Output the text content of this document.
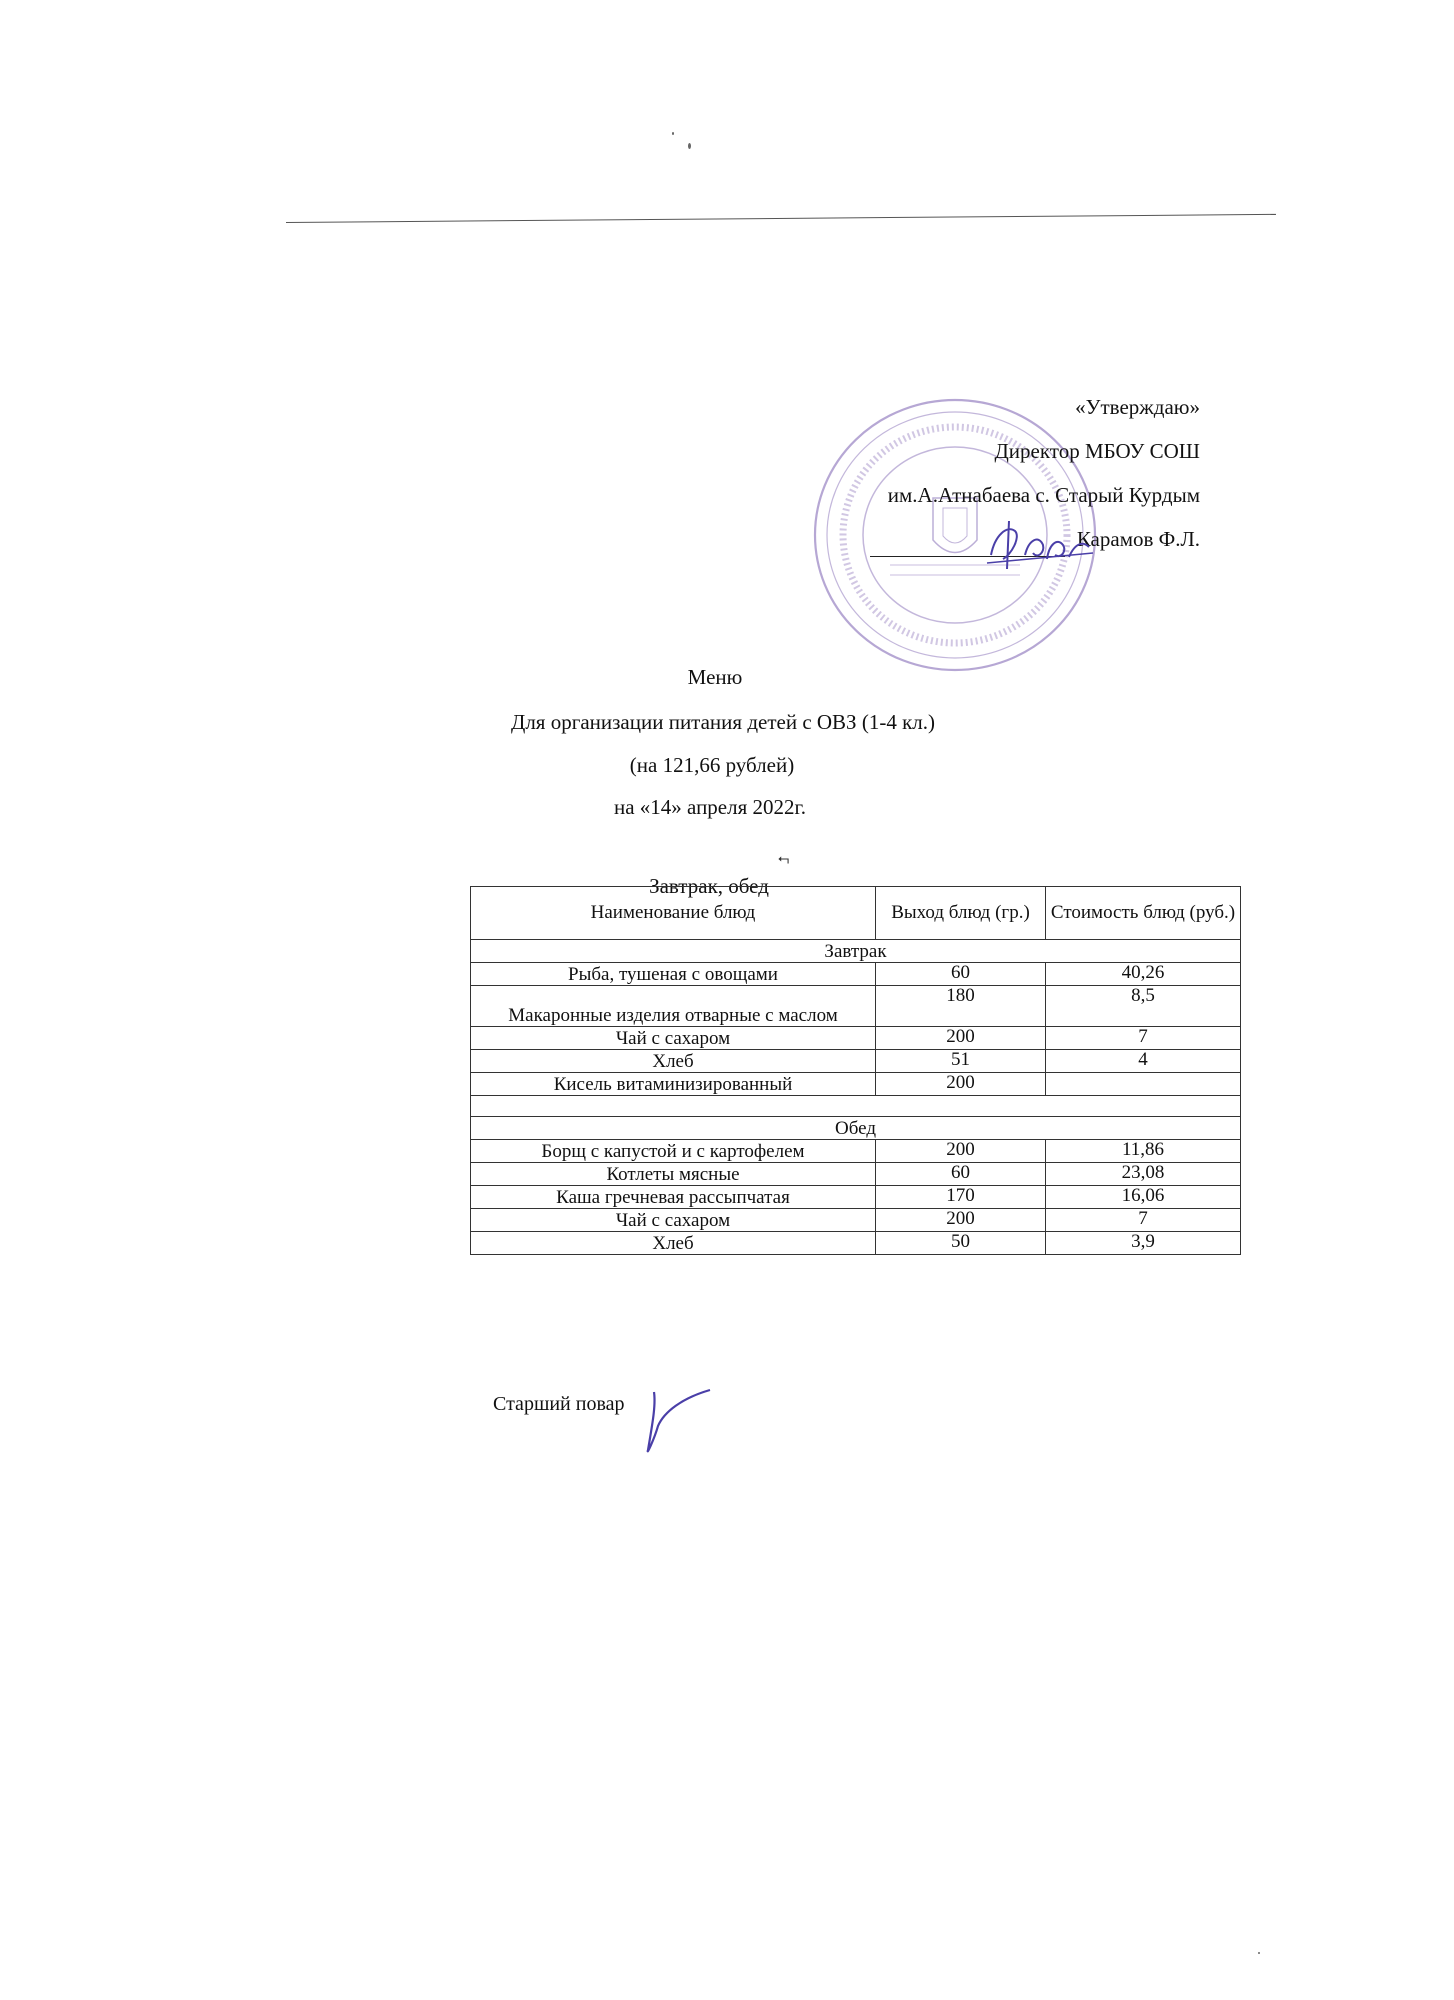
«Утверждаю»
Директор МБОУ СОШ
им.А.Атнабаева с. Старый Курдым
Карамов Ф.Л.
Меню
Для организации питания детей с ОВЗ (1-4 кл.)
(на 121,66 рублей)
на «14» апреля 2022г.
⮢
Завтрак, обед
Наименование блюд	Выход блюд (гр.)	Стоимость блюд (руб.)
Завтрак		
Рыба, тушеная с овощами	60	40,26
Макаронные изделия отварные с маслом	180	8,5
Чай с сахаром	200	7
Хлеб	51	4
Кисель витаминизированный	200	

Обед		
Борщ с капустой и с картофелем	200	11,86
Котлеты мясные	60	23,08
Каша гречневая рассыпчатая	170	16,06
Чай с сахаром	200	7
Хлеб	50	3,9
Старший повар
